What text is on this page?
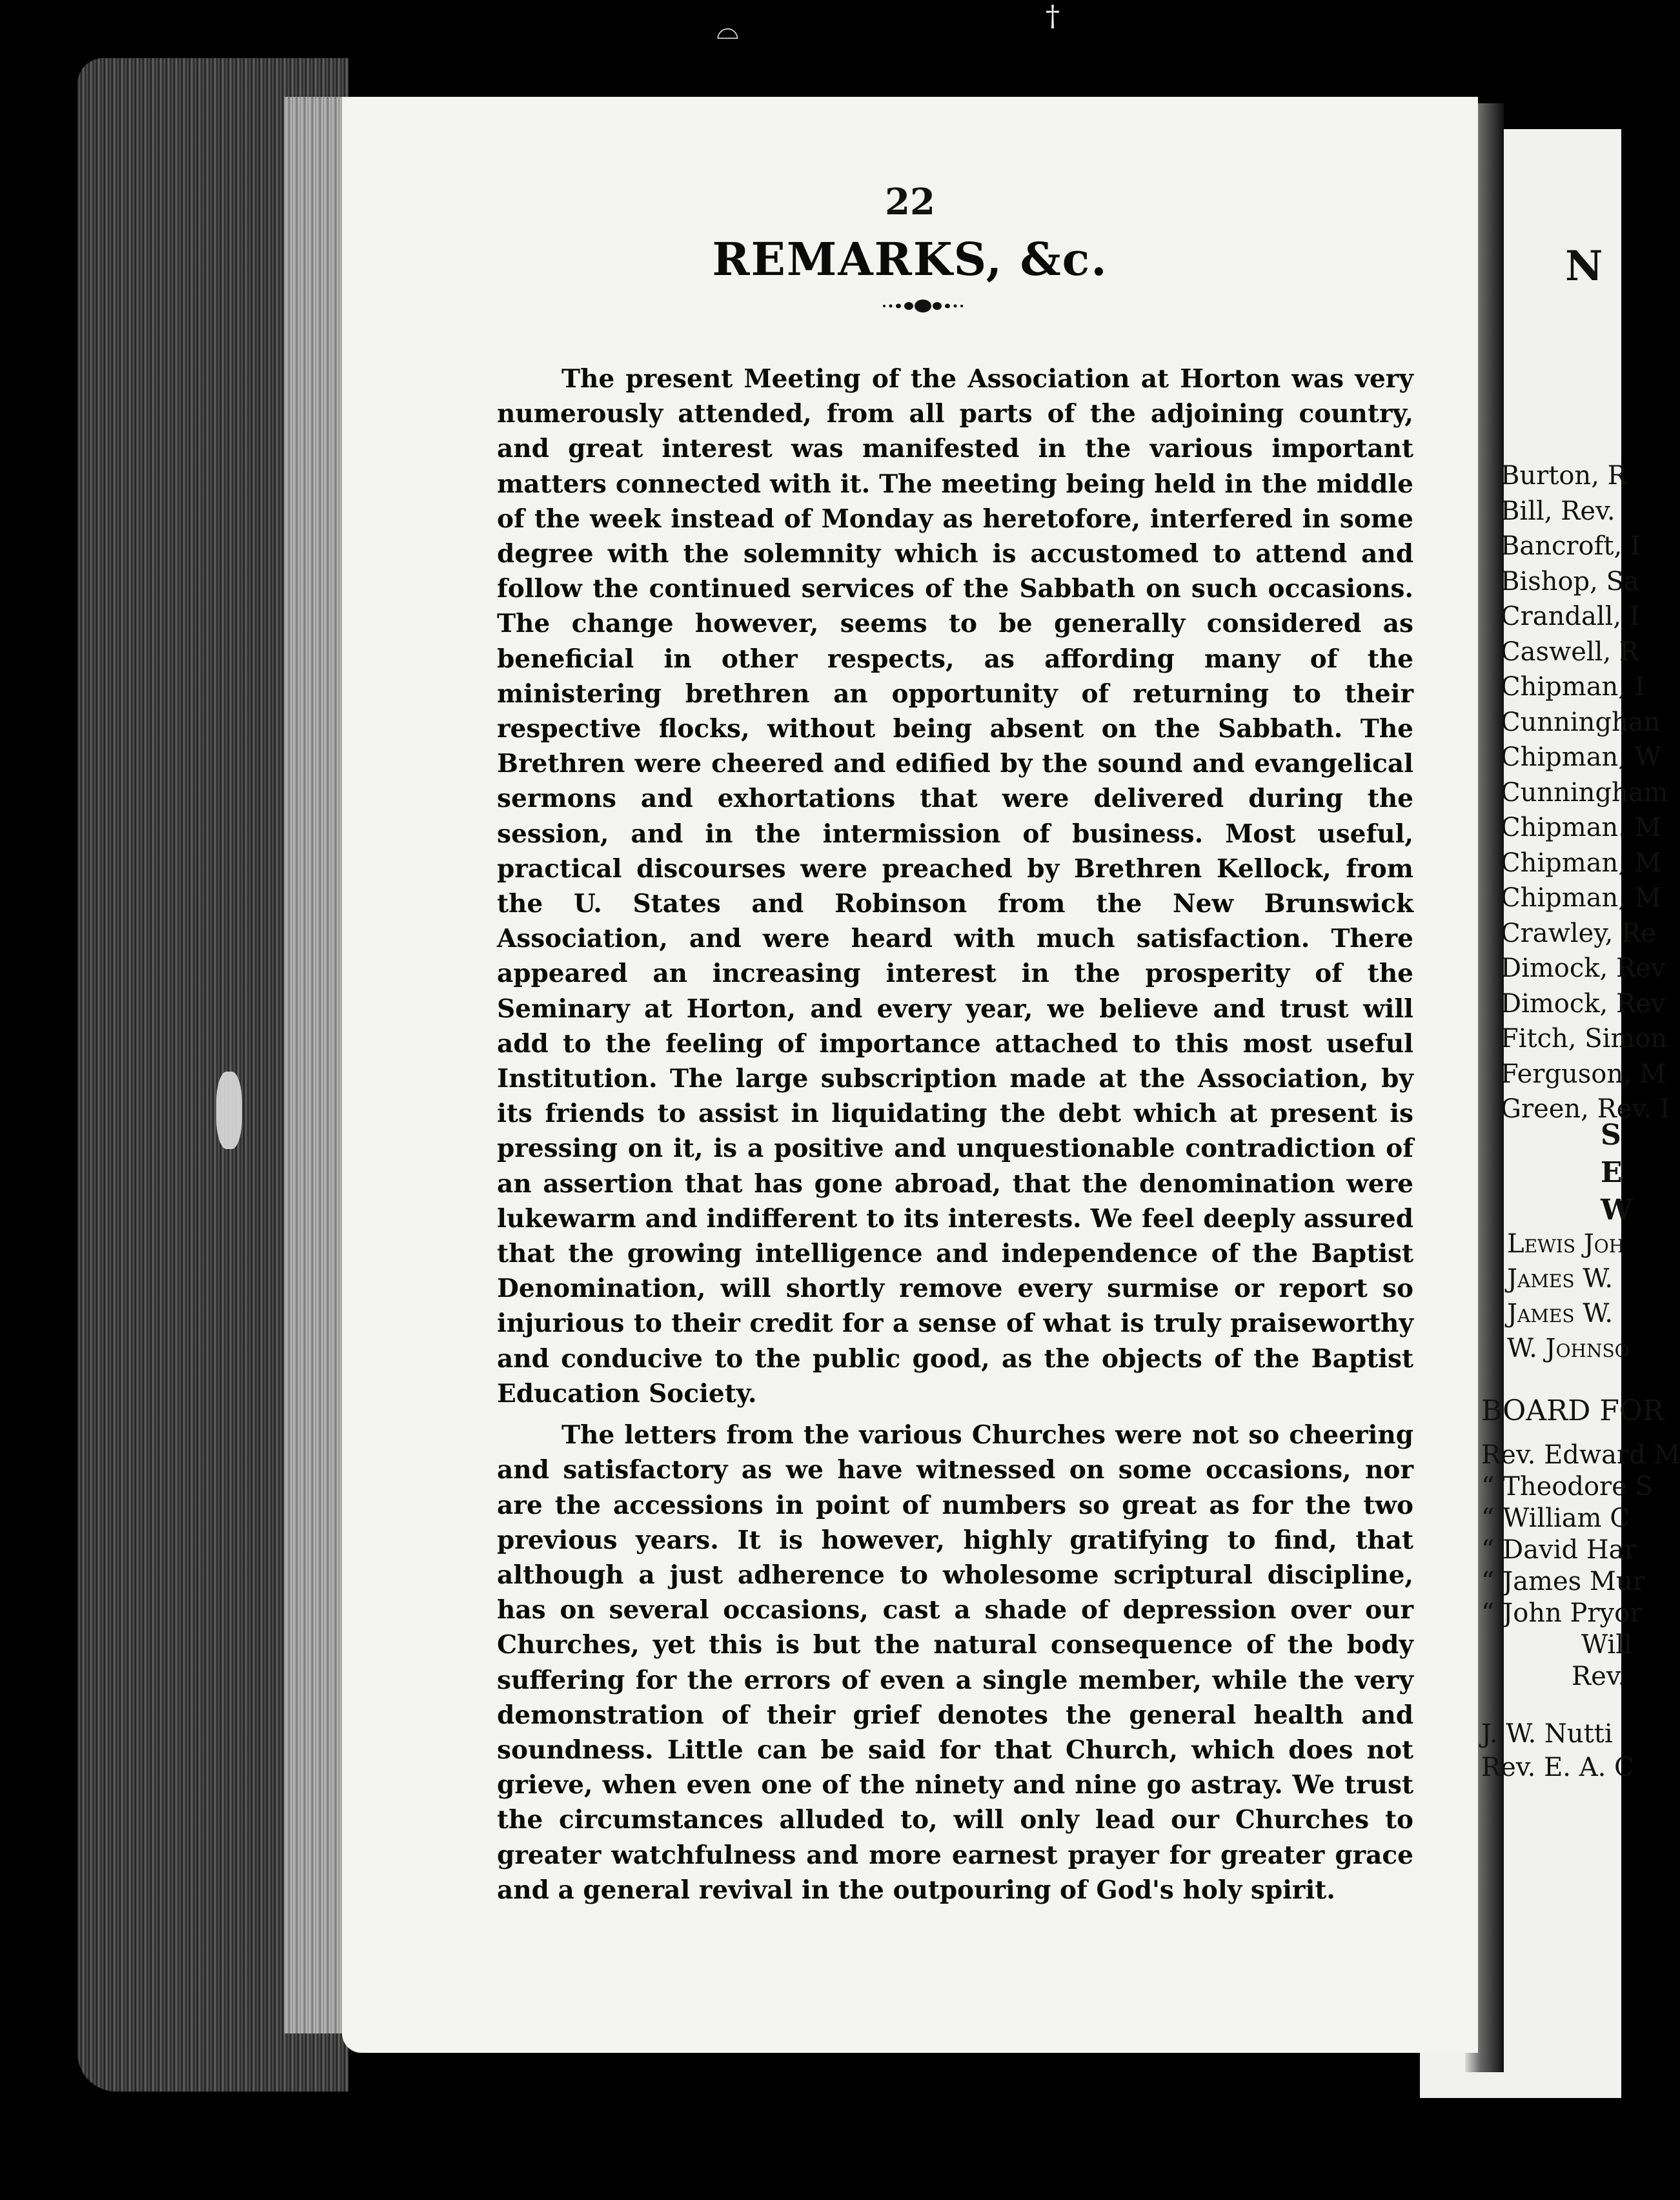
22
REMARKS, &c.

The present Meeting of the Association at Horton was very numerously attended, from all parts of the adjoining country, and great interest was manifested in the various important matters connected with it. The meeting being held in the middle of the week instead of Monday as heretofore, interfered in some degree with the solemnity which is accustomed to attend and follow the continued services of the Sabbath on such occasions. The change however, seems to be generally considered as beneficial in other respects, as affording many of the ministering brethren an opportunity of returning to their respective flocks, without being absent on the Sabbath. The Brethren were cheered and edified by the sound and evangelical sermons and exhortations that were delivered during the session, and in the intermission of business. Most useful, practical discourses were preached by Brethren Kellock, from the U. States and Robinson from the New Brunswick Association, and were heard with much satisfaction. There appeared an increasing interest in the prosperity of the Seminary at Horton, and every year, we believe and trust will add to the feeling of importance attached to this most useful Institution. The large subscription made at the Association, by its friends to assist in liquidating the debt which at present is pressing on it, is a positive and unquestionable contradiction of an assertion that has gone abroad, that the denomination were lukewarm and indifferent to its interests. We feel deeply assured that the growing intelligence and independence of the Baptist Denomination, will shortly remove every surmise or report so injurious to their credit for a sense of what is truly praiseworthy and conducive to the public good, as the objects of the Baptist Education Society.

The letters from the various Churches were not so cheering and satisfactory as we have witnessed on some occasions, nor are the accessions in point of numbers so great as for the two previous years. It is however, highly gratifying to find, that although a just adherence to wholesome scriptural discipline, has on several occasions, cast a shade of depression over our Churches, yet this is but the natural consequence of the body suffering for the errors of even a single member, while the very demonstration of their grief denotes the general health and soundness. Little can be said for that Church, which does not grieve, when even one of the ninety and nine go astray. We trust the circumstances alluded to, will only lead our Churches to greater watchfulness and more earnest prayer for greater grace and a general revival in the outpouring of God's holy spirit.

N
Burton, R
Bill, Rev.
Bancroft, I
Bishop, Sa
Crandall, I
Caswell, R
Chipman, I
Cunninghan
Chipman, W
Cunningham
Chipman. M
Chipman, M
Chipman, M
Crawley, Re
Dimock, Rev
Dimock, Rev
Fitch, Simon
Ferguson, M
Green, Rev. I
S
E
W
Lewis Joh
James W.
James W.
W. Johnso
BOARD FOR
Rev. Edward M
“ Theodore S
“ William C
“ David Har
“ James Mur
“ John Pryor
Will
Rev.
J. W. Nutti
Rev. E. A. C
⌓	†
